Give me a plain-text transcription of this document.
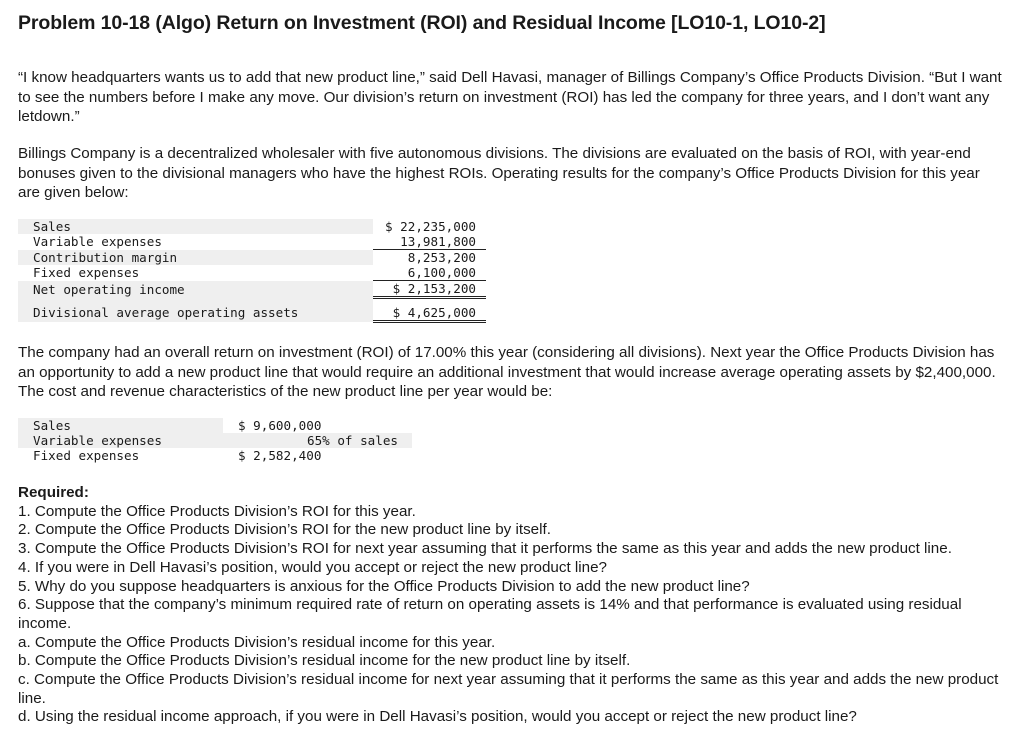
Problem 10-18 (Algo) Return on Investment (ROI) and Residual Income [LO10-1, LO10-2]

“I know headquarters wants us to add that new product line,” said Dell Havasi, manager of Billings Company’s Office Products Division. “But I want to see the numbers before I make any move. Our division’s return on investment (ROI) has led the company for three years, and I don’t want any letdown.”

Billings Company is a decentralized wholesaler with five autonomous divisions. The divisions are evaluated on the basis of ROI, with year-end bonuses given to the divisional managers who have the highest ROIs. Operating results for the company’s Office Products Division for this year are given below:

Sales	$ 22,235,000
Variable expenses	13,981,800
Contribution margin	8,253,200
Fixed expenses	6,100,000
Net operating income	$ 2,153,200
Divisional average operating assets	$ 4,625,000

The company had an overall return on investment (ROI) of 17.00% this year (considering all divisions). Next year the Office Products Division has an opportunity to add a new product line that would require an additional investment that would increase average operating assets by $2,400,000. The cost and revenue characteristics of the new product line per year would be:

Sales	$ 9,600,000
Variable expenses	65% of sales
Fixed expenses	$ 2,582,400
Required:

1. Compute the Office Products Division’s ROI for this year.

2. Compute the Office Products Division’s ROI for the new product line by itself.

3. Compute the Office Products Division’s ROI for next year assuming that it performs the same as this year and adds the new product line.

4. If you were in Dell Havasi’s position, would you accept or reject the new product line?

5. Why do you suppose headquarters is anxious for the Office Products Division to add the new product line?

6. Suppose that the company’s minimum required rate of return on operating assets is 14% and that performance is evaluated using residual income.

a. Compute the Office Products Division’s residual income for this year.

b. Compute the Office Products Division’s residual income for the new product line by itself.

c. Compute the Office Products Division’s residual income for next year assuming that it performs the same as this year and adds the new product line.

d. Using the residual income approach, if you were in Dell Havasi’s position, would you accept or reject the new product line?
